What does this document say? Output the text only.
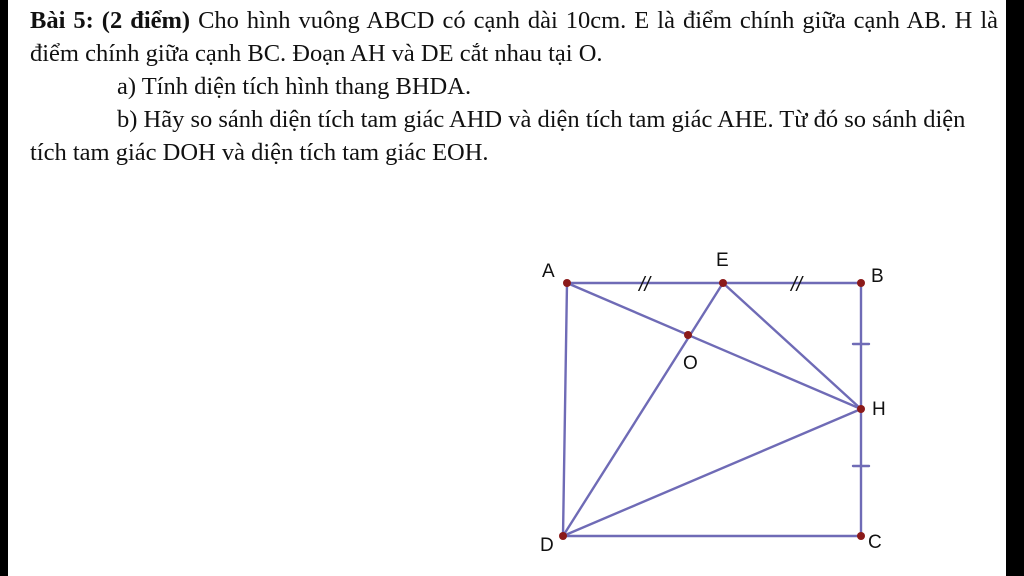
Bài 5: (2 điểm) Cho hình vuông ABCD có cạnh dài 10cm. E là điểm chính giữa cạnh AB. H là điểm chính giữa cạnh BC. Đoạn AH và DE cắt nhau tại O.

a) Tính diện tích hình thang BHDA.

b) Hãy so sánh diện tích tam giác AHD và diện tích tam giác AHE. Từ đó so sánh diện tích tam giác DOH và diện tích tam giác EOH.

//	//
A	B
C
D
E
H
O
